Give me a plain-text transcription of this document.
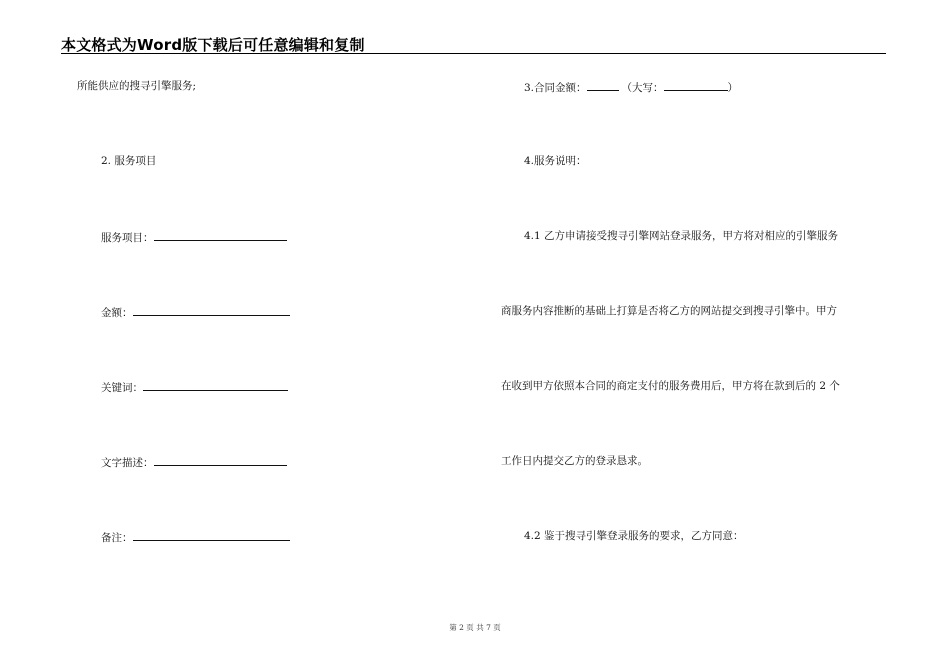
本文格式为Word版下载后可任意编辑和复制
所能供应的搜寻引擎服务;
2. 服务项目
服务项目：
金额：
关键词：
文字描述：
备注：
3.合同金额：	（大写：	）
4.服务说明：
4.1 乙方申请接受搜寻引擎网站登录服务，甲方将对相应的引擎服务
商服务内容推断的基础上打算是否将乙方的网站提交到搜寻引擎中。甲方
在收到甲方依照本合同的商定支付的服务费用后，甲方将在款到后的 2 个
工作日内提交乙方的登录恳求。
4.2 鉴于搜寻引擎登录服务的要求，乙方同意：
第 2 页 共 7 页
